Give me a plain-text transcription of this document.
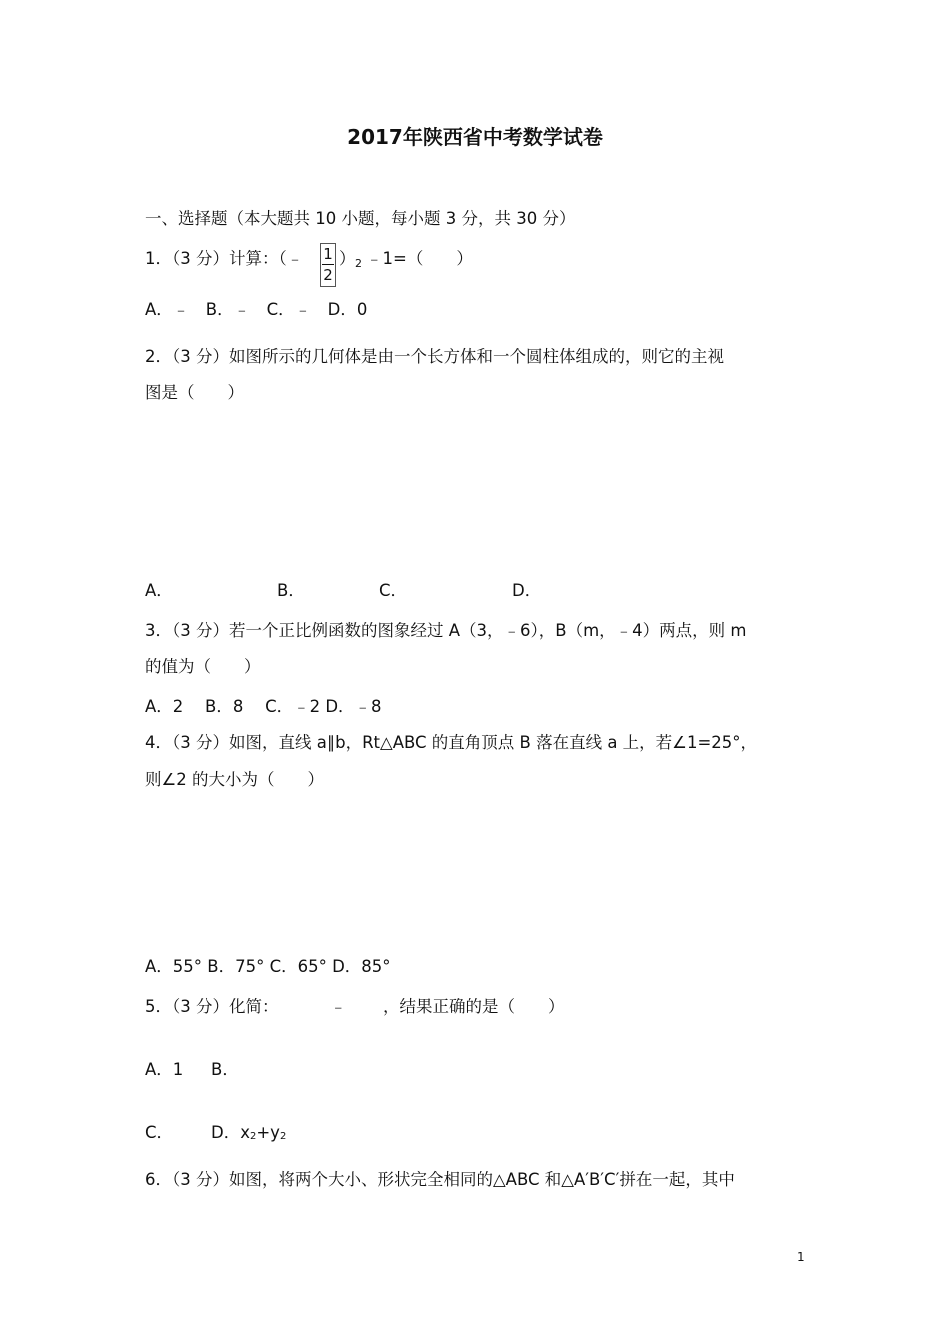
2017年陕西省中考数学试卷
一、选择题（本大题共 10 小题，每小题 3 分，共 30 分）
1．（3 分）计算：（﹣ 1
2
） 2 ﹣1=（　　）
A．﹣　B．﹣　C．﹣　D．0
2．（3 分）如图所示的几何体是由一个长方体和一个圆柱体组成的，则它的主视
图是（　　）
A．	B．	C．	D．
3．（3 分）若一个正比例函数的图象经过 A（3，﹣6），B（m，﹣4）两点，则 m
的值为（　　）
A．2　 B．8　 C．﹣2 D．﹣8
4．（3 分）如图，直线 a∥b，Rt△ABC 的直角顶点 B 落在直线 a 上，若∠1=25°，
则∠2 的大小为（　　）
A．55° B．75° C．65° D．85°
5．（3 分）化简：	﹣ ，结果正确的是（　　）
A．1 B．
C． D．x2+y2
6．（3 分）如图，将两个大小、形状完全相同的△ABC 和△A′B′C′拼在一起，其中
1
